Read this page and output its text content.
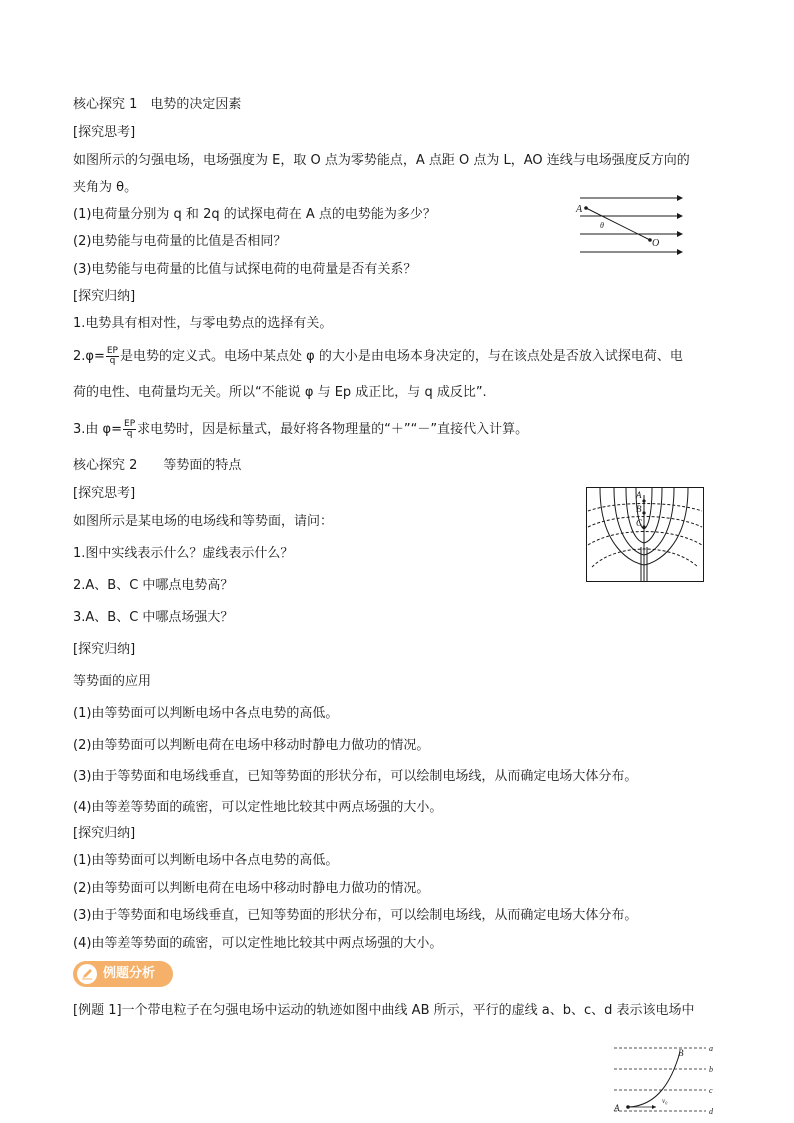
核心探究 1　电势的决定因素
[探究思考]
如图所示的匀强电场，电场强度为 E，取 O 点为零势能点，A 点距 O 点为 L，AO 连线与电场强度反方向的
夹角为 θ。
(1)电荷量分别为 q 和 2q 的试探电荷在 A 点的电势能为多少？
(2)电势能与电荷量的比值是否相同？
(3)电势能与电荷量的比值与试探电荷的电荷量是否有关系？
[探究归纳]
1.电势具有相对性，与零电势点的选择有关。
$2.\varphi= \frac{EP}{q}$ 是电势的定义式。电场中某点处 φ 的大小是由电场本身决定的，与在该点处是否放入试探电荷、电
荷的电性、电荷量均无关。所以“不能说 φ 与 Ep 成正比，与 q 成反比”.
3.由 $\varphi= \frac{EP}{q}$ 求电势时，因是标量式，最好将各物理量的“＋”“－”直接代入计算。
A
θ
O
核心探究 2　　等势面的特点
[探究思考]
如图所示是某电场的电场线和等势面，请问：
1.图中实线表示什么？虚线表示什么？
2.A、B、C 中哪点电势高？
3.A、B、C 中哪点场强大？
[探究归纳]
等势面的应用
(1)由等势面可以判断电场中各点电势的高低。
(2)由等势面可以判断电荷在电场中移动时静电力做功的情况。
(3)由于等势面和电场线垂直，已知等势面的形状分布，可以绘制电场线，从而确定电场大体分布。
(4)由等差等势面的疏密，可以定性地比较其中两点场强的大小。
[探究归纳]
(1)由等势面可以判断电场中各点电势的高低。
(2)由等势面可以判断电荷在电场中移动时静电力做功的情况。
(3)由于等势面和电场线垂直，已知等势面的形状分布，可以绘制电场线，从而确定电场大体分布。
(4)由等差等势面的疏密，可以定性地比较其中两点场强的大小。
A
B
C
例题分析
[例题 1]一个带电粒子在匀强电场中运动的轨迹如图中曲线 AB 所示，平行的虚线 a、b、c、d 表示该电场中
A
B
v₀
a
b
c
d
